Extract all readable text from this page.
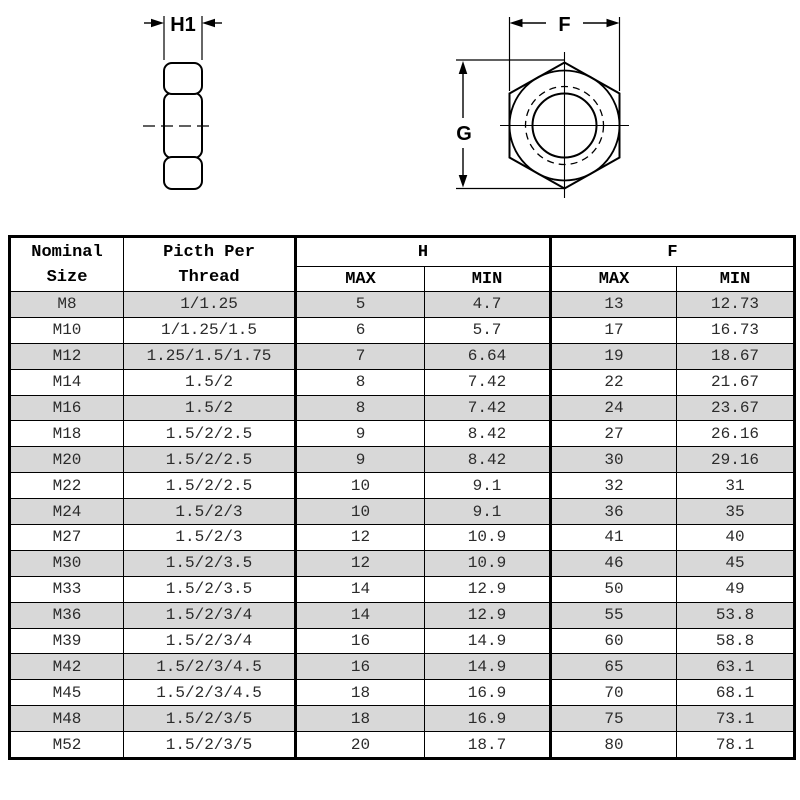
H1	F
G
Nominal
Size

Picth Per
Thread
	H	F
		MAX	MIN	MAX	MIN
M8	1/1.25	5	4.7	13	12.73
M10	1/1.25/1.5	6	5.7	17	16.73
M12	1.25/1.5/1.75	7	6.64	19	18.67
M14	1.5/2	8	7.42	22	21.67
M16	1.5/2	8	7.42	24	23.67
M18	1.5/2/2.5	9	8.42	27	26.16
M20	1.5/2/2.5	9	8.42	30	29.16
M22	1.5/2/2.5	10	9.1	32	31
M24	1.5/2/3	10	9.1	36	35
M27	1.5/2/3	12	10.9	41	40
M30	1.5/2/3.5	12	10.9	46	45
M33	1.5/2/3.5	14	12.9	50	49
M36	1.5/2/3/4	14	12.9	55	53.8
M39	1.5/2/3/4	16	14.9	60	58.8
M42	1.5/2/3/4.5	16	14.9	65	63.1
M45	1.5/2/3/4.5	18	16.9	70	68.1
M48	1.5/2/3/5	18	16.9	75	73.1
M52	1.5/2/3/5	20	18.7	80	78.1
